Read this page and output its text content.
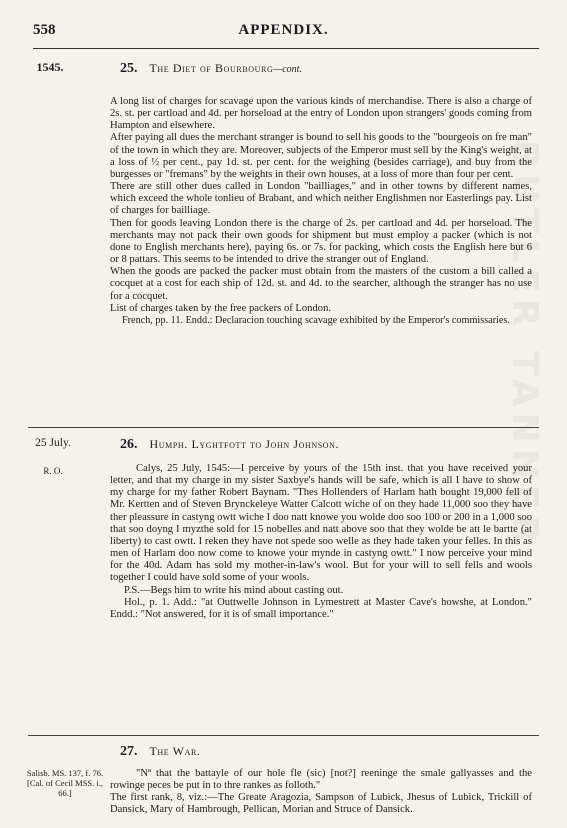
558	APPENDIX.
BUTLER TANNER
1545.	25. The Diet of Bourbourg—cont.

A long list of charges for scavage upon the various kinds of merchandise. There is also a charge of 2s. st. per cartload and 4d. per horseload at the entry of London upon strangers' goods coming from Hampton and elsewhere.

After paying all dues the merchant stranger is bound to sell his goods to the "bourgeois on fre man" of the town in which they are. Moreover, subjects of the Emperor must sell by the King's weight, at a loss of ½ per cent., pay 1d. st. per cent. for the weighing (besides carriage), and buy from the burgesses or "fremans" by the weights in their own houses, at a loss of more than four per cent.

There are still other dues called in London "bailliages," and in other towns by different names, which exceed the whole tonlieu of Brabant, and which neither Englishmen nor Easterlings pay. List of charges for bailliage.

Then for goods leaving London there is the charge of 2s. per cartload and 4d. per horseload. The merchants may not pack their own goods for shipment but must employ a packer (which is not done to English merchants here), paying 6s. or 7s. for packing, which costs the English here but 6 or 8 pattars. This seems to be intended to drive the stranger out of England.

When the goods are packed the packer must obtain from the masters of the custom a bill called a cocquet at a cost for each ship of 12d. st. and 4d. to the searcher, although the stranger has no use for a cocquet.

List of charges taken by the free packers of London.

French, pp. 11. Endd.: Declaracion touching scavage exhibited by the Emperor's commissaries.

25 July.
R. O.
26. Humph. Lyghtfott to John Johnson.

Calys, 25 July, 1545:—I perceive by yours of the 15th inst. that you have received your letter, and that my charge in my sister Saxbye's hands will be safe, which is all I have to show of my charge for my father Robert Baynam. "Thes Hollenders of Harlam hath bought 19,000 fell of Mr. Kertten and of Steven Brynckeleye Watter Calcott wiche of on they hade 11,000 soo they have ther pleassure in castyng owtt wiche I doo natt knowe you wolde doo soo 100 or 200 in a 1,000 soo that soo doyng I myzthe sold for 15 nobelles and natt above soo that they wolde be att le bartte (at liberty) to cast owtt. I reken they have not spede soo welle as they hade taken your felles. In this as men of Harlam doo now come to knowe your mynde in castyng owtt." I now perceive your mind for the 40d. Adam has sold my mother-in-law's wool. But for your will to sell fells and wools together I could have sold some of your wools.

P.S.—Begs him to write his mind about casting out.

Hol., p. 1. Add.: "at Outtwelle Johnson in Lymestrett at Master Cave's howshe, at London." Endd.: "Not answered, for it is of small importance."

27. The War.
Salisb. MS. 137, f. 76. [Cal. of Cecil MSS. i., 66.]

"Nª that the battayle of our hole fle (sic) [not?] reeninge the smale gallyasses and the rowinge peces be put in to thre rankes as folloth."

The first rank, 8, viz.:—The Greate Aragozia, Sampson of Lubick, Jhesus of Lubick, Trickill of Dansick, Mary of Hambrough, Pellican, Morian and Struce of Dansick.
